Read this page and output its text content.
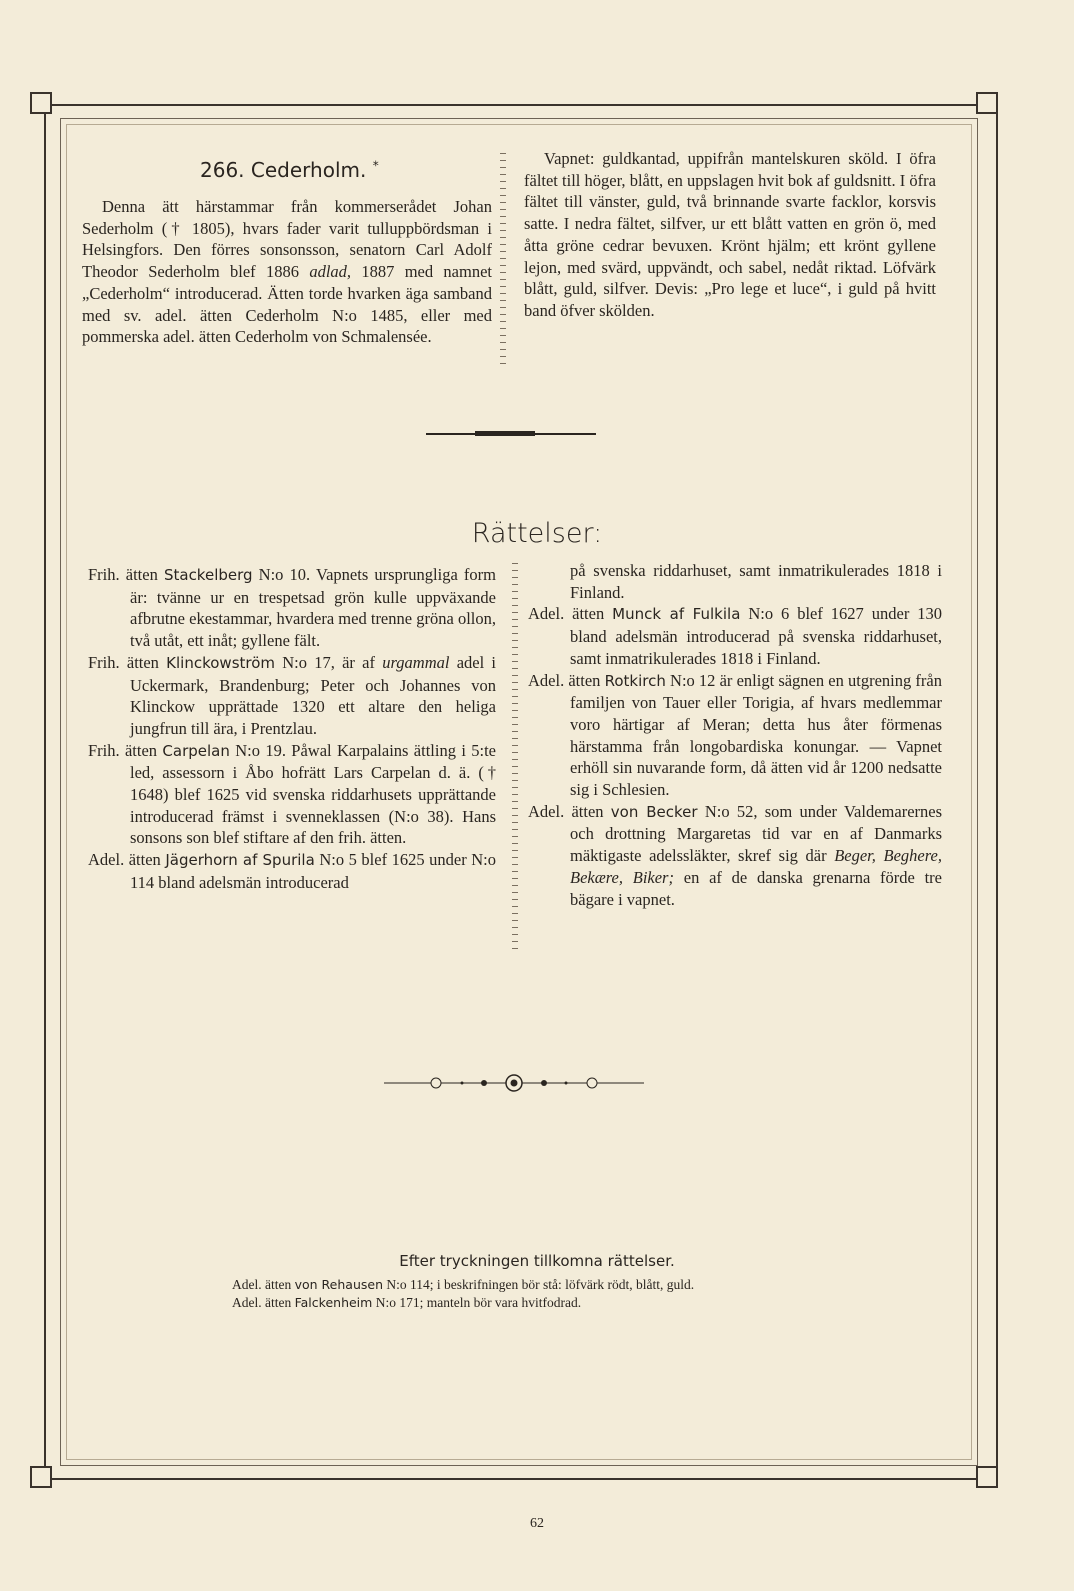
266. Cederholm. *

Denna ätt härstammar från kommerserådet Johan Sederholm († 1805), hvars fader varit tulluppbördsman i Helsingfors. Den förres sonsonsson, senatorn Carl Adolf Theodor Sederholm blef 1886 adlad, 1887 med namnet „Cederholm“ introducerad. Ätten torde hvarken äga samband med sv. adel. ätten Cederholm N:o 1485, eller med pommerska adel. ätten Cederholm von Schmalensée.

Vapnet: guldkantad, uppifrån mantelskuren sköld. I öfra fältet till höger, blått, en uppslagen hvit bok af guldsnitt. I öfra fältet till vänster, guld, två brinnande svarte facklor, korsvis satte. I nedra fältet, silfver, ur ett blått vatten en grön ö, med åtta gröne cedrar bevuxen. Krönt hjälm; ett krönt gyllene lejon, med svärd, uppvändt, och sabel, nedåt riktad. Löfvärk blått, guld, silfver. Devis: „Pro lege et luce“, i guld på hvitt band öfver skölden.

Rättelser:

Frih. ätten Stackelberg N:o 10. Vapnets ursprungliga form är: tvänne ur en trespetsad grön kulle uppväxande afbrutne ekestammar, hvardera med trenne gröna ollon, två utåt, ett inåt; gyllene fält.

Frih. ätten Klinckowström N:o 17, är af urgammal adel i Uckermark, Brandenburg; Peter och Johannes von Klinckow upprättade 1320 ett altare den heliga jungfrun till ära, i Prentzlau.

Frih. ätten Carpelan N:o 19. Påwal Karpalains ättling i 5:te led, assessorn i Åbo hofrätt Lars Carpelan d. ä. († 1648) blef 1625 vid svenska riddarhusets upprättande introducerad främst i svenneklassen (N:o 38). Hans sonsons son blef stiftare af den frih. ätten.

Adel. ätten Jägerhorn af Spurila N:o 5 blef 1625 under N:o 114 bland adelsmän introducerad

på svenska riddarhuset, samt inmatrikulerades 1818 i Finland.

Adel. ätten Munck af Fulkila N:o 6 blef 1627 under 130 bland adelsmän introducerad på svenska riddarhuset, samt inmatrikulerades 1818 i Finland.

Adel. ätten Rotkirch N:o 12 är enligt sägnen en utgrening från familjen von Tauer eller Torigia, af hvars medlemmar voro härtigar af Meran; detta hus åter förmenas härstamma från longobardiska konungar. — Vapnet erhöll sin nuvarande form, då ätten vid år 1200 nedsatte sig i Schlesien.

Adel. ätten von Becker N:o 52, som under Valdemarernes och drottning Margaretas tid var en af Danmarks mäktigaste adelssläkter, skref sig där Beger, Beghere, Bekære, Biker; en af de danska grenarna förde tre bägare i vapnet.

Efter tryckningen tillkomna rättelser.
Adel. ätten von Rehausen N:o 114; i beskrifningen bör stå: löfvärk rödt, blått, guld.
Adel. ätten Falckenheim N:o 171; manteln bör vara hvitfodrad.
62
